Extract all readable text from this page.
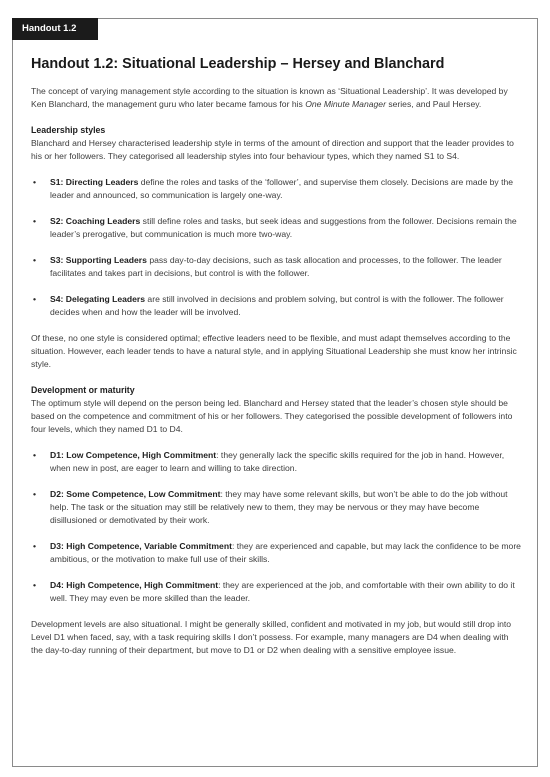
Handout 1.2
Handout 1.2: Situational Leadership – Hersey and Blanchard

The concept of varying management style according to the situation is known as ‘Situational Leadership’. It was developed by Ken Blanchard, the management guru who later became famous for his One Minute Manager series, and Paul Hersey.

Leadership styles

Blanchard and Hersey characterised leadership style in terms of the amount of direction and support that the leader provides to his or her followers. They categorised all leadership styles into four behaviour types, which they named S1 to S4.

• S1: Directing Leaders define the roles and tasks of the ‘follower’, and supervise them closely. Decisions are made by the leader and announced, so communication is largely one-way.
• S2: Coaching Leaders still define roles and tasks, but seek ideas and suggestions from the follower. Decisions remain the leader’s prerogative, but communication is much more two-way.
• S3: Supporting Leaders pass day-to-day decisions, such as task allocation and processes, to the follower. The leader facilitates and takes part in decisions, but control is with the follower.
• S4: Delegating Leaders are still involved in decisions and problem solving, but control is with the follower. The follower decides when and how the leader will be involved.

Of these, no one style is considered optimal; effective leaders need to be flexible, and must adapt themselves according to the situation. However, each leader tends to have a natural style, and in applying Situational Leadership she must know her intrinsic style.

Development or maturity

The optimum style will depend on the person being led. Blanchard and Hersey stated that the leader’s chosen style should be based on the competence and commitment of his or her followers. They categorised the possible development of followers into four levels, which they named D1 to D4.

• D1: Low Competence, High Commitment: they generally lack the specific skills required for the job in hand. However, when new in post, are eager to learn and willing to take direction.
• D2: Some Competence, Low Commitment: they may have some relevant skills, but won’t be able to do the job without help. The task or the situation may still be relatively new to them, they may be nervous or they may have become disillusioned or demotivated by their work.
• D3: High Competence, Variable Commitment: they are experienced and capable, but may lack the confidence to be more ambitious, or the motivation to make full use of their skills.
• D4: High Competence, High Commitment: they are experienced at the job, and comfortable with their own ability to do it well. They may even be more skilled than the leader.

Development levels are also situational. I might be generally skilled, confident and motivated in my job, but would still drop into Level D1 when faced, say, with a task requiring skills I don’t possess. For example, many managers are D4 when dealing with the day-to-day running of their department, but move to D1 or D2 when dealing with a sensitive employee issue.
